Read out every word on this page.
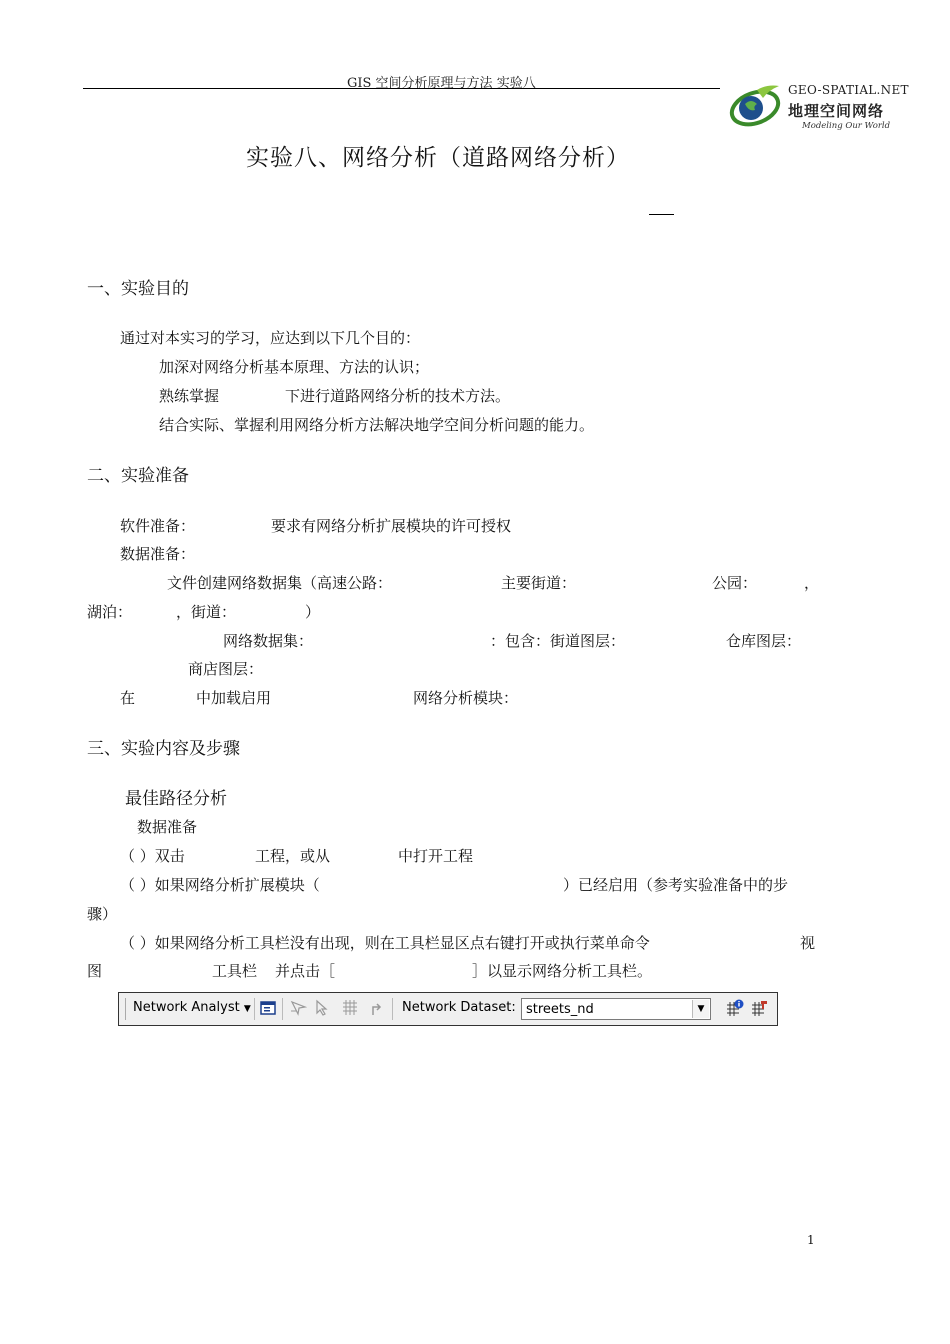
GIS 空间分析原理与方法 实验八	GEO-SPATIAL.NET
地理空间网络
Modeling Our World
实验八、网络分析（道路网络分析）
一、实验目的
通过对本实习的学习，应达到以下几个目的：
加深对网络分析基本原理、方法的认识；
熟练掌握	下进行道路网络分析的技术方法。
结合实际、掌握利用网络分析方法解决地学空间分析问题的能力。
二、实验准备
软件准备：	要求有网络分析扩展模块的许可授权
数据准备：
文件创建网络数据集（高速公路：	主要街道：	公园：	，
湖泊：	，街道：	）
网络数据集：	：包含：街道图层：	仓库图层：
商店图层：
在	中加载启用	网络分析模块：
三、实验内容及步骤
最佳路径分析
数据准备
（ ）双击	工程，或从	中打开工程
（ ）如果网络分析扩展模块（	）已经启用（参考实验准备中的步
骤）
（ ）如果网络分析工具栏没有出现，则在工具栏显区点右键打开或执行菜单命令	视
图	工具栏 并点击［	］以显示网络分析工具栏。
Network Analyst ▼	Network Dataset: streets_nd	▼
1
